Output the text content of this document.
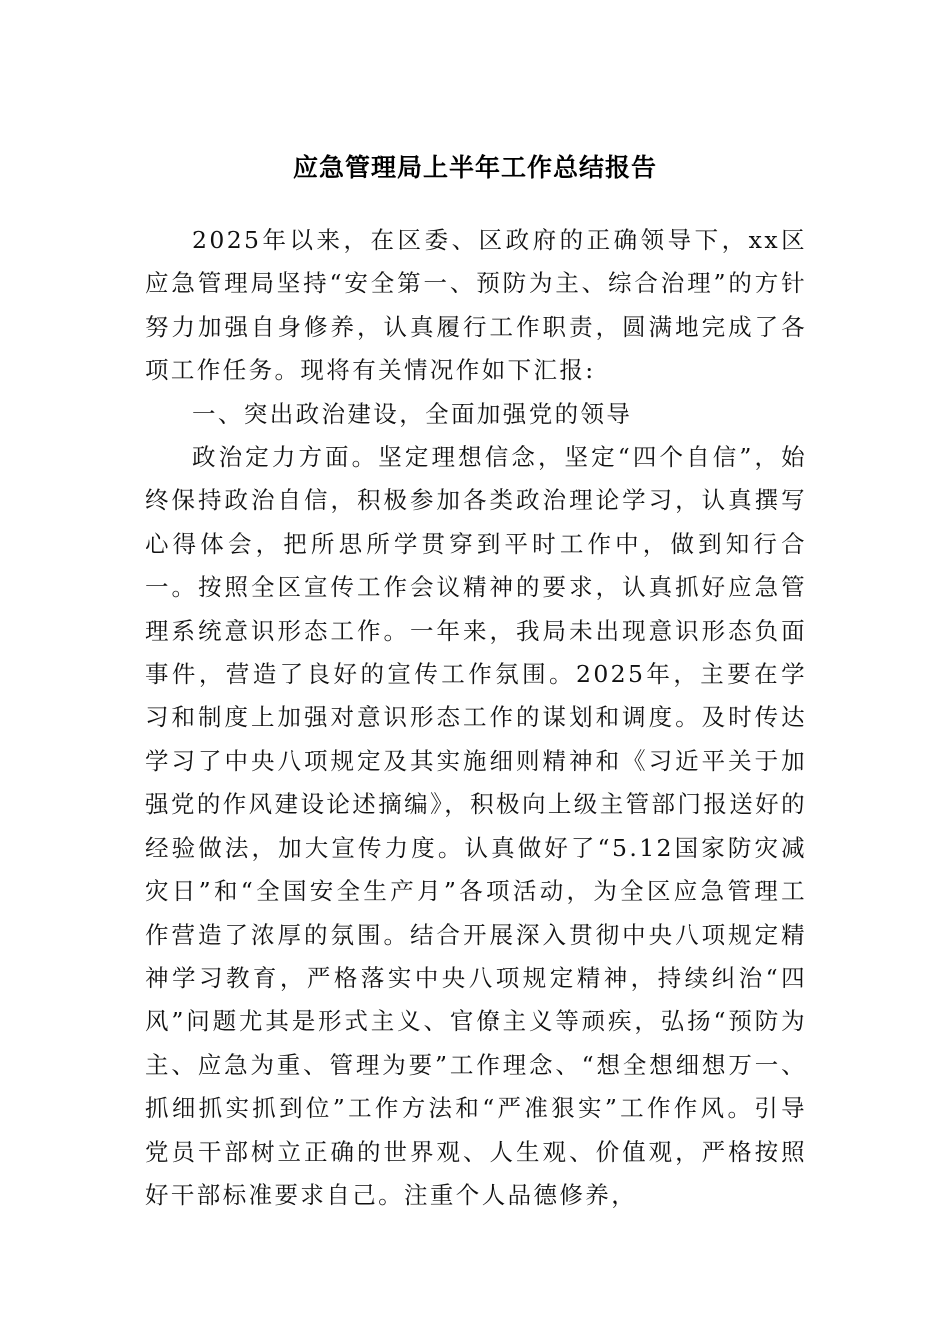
应急管理局上半年工作总结报告

2025年以来，在区委、区政府的正确领导下，xx区应急管理局坚持“安全第一、预防为主、综合治理”的方针努力加强自身修养，认真履行工作职责，圆满地完成了各项工作任务。现将有关情况作如下汇报:

一、突出政治建设，全面加强党的领导

政治定力方面。坚定理想信念，坚定“四个自信”，始终保持政治自信，积极参加各类政治理论学习，认真撰写心得体会，把所思所学贯穿到平时工作中，做到知行合一。按照全区宣传工作会议精神的要求，认真抓好应急管理系统意识形态工作。一年来，我局未出现意识形态负面事件，营造了良好的宣传工作氛围。2025年，主要在学习和制度上加强对意识形态工作的谋划和调度。及时传达学习了中央八项规定及其实施细则精神和《习近平关于加强党的作风建设论述摘编》，积极向上级主管部门报送好的经验做法，加大宣传力度。认真做好了“5.12国家防灾减灾日”和“全国安全生产月”各项活动，为全区应急管理工作营造了浓厚的氛围。结合开展深入贯彻中央八项规定精神学习教育，严格落实中央八项规定精神，持续纠治“四风”问题尤其是形式主义、官僚主义等顽疾，弘扬“预防为主、应急为重、管理为要”工作理念、“想全想细想万一、抓细抓实抓到位”工作方法和“严准狠实”工作作风。引导党员干部树立正确的世界观、人生观、价值观，严格按照好干部标准要求自己。注重个人品德修养，
